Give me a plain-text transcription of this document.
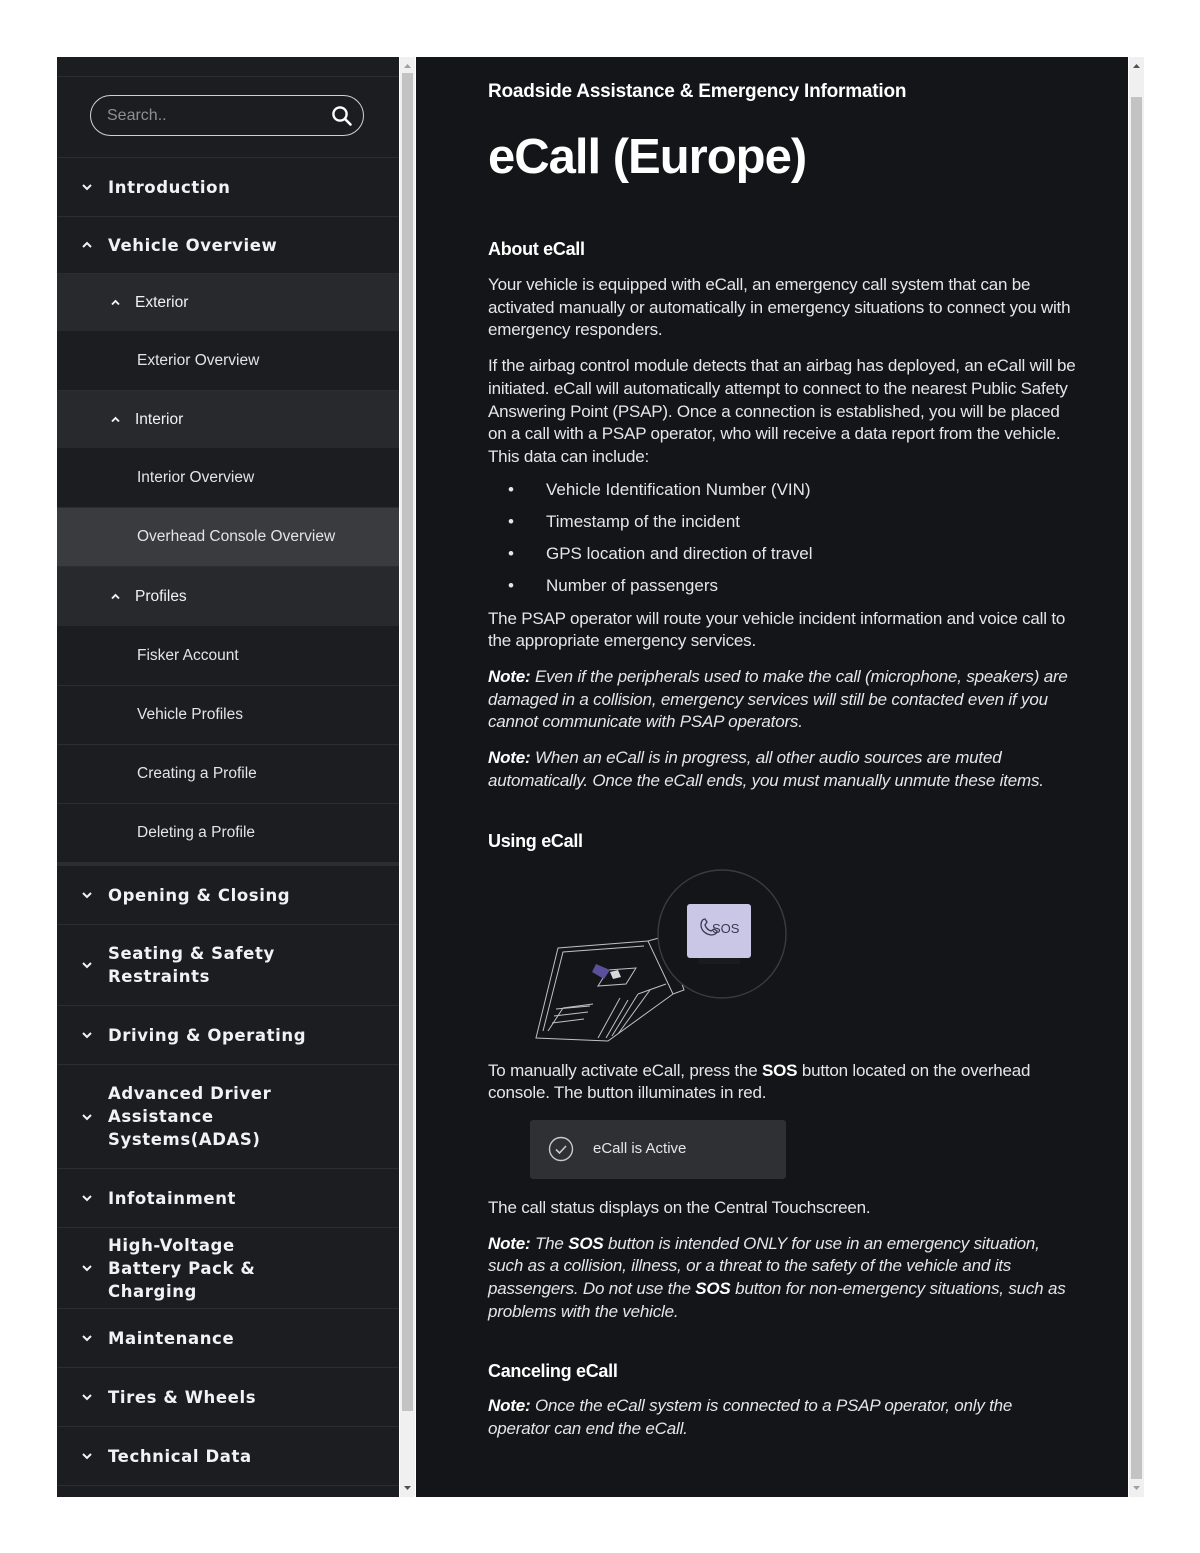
Search..
Introduction
Vehicle Overview
Exterior
Exterior Overview
Interior
Interior Overview
Overhead Console Overview
Profiles
Fisker Account
Vehicle Profiles
Creating a Profile
Deleting a Profile
Opening & Closing
Seating & Safety Restraints
Driving & Operating
Advanced Driver Assistance Systems(ADAS)
Infotainment
High-Voltage Battery Pack & Charging
Maintenance
Tires & Wheels
Technical Data

Roadside Assistance & Emergency Information

eCall (Europe)
About eCall

Your vehicle is equipped with eCall, an emergency call system that can be activated manually or automatically in emergency situations to connect you with emergency responders.

If the airbag control module detects that an airbag has deployed, an eCall will be initiated. eCall will automatically attempt to connect to the nearest Public Safety Answering Point (PSAP). Once a connection is established, you will be placed on a call with a PSAP operator, who will receive a data report from the vehicle. This data can include:

• Vehicle Identification Number (VIN)
• Timestamp of the incident
• GPS location and direction of travel
• Number of passengers

The PSAP operator will route your vehicle incident information and voice call to the appropriate emergency services.

Note: Even if the peripherals used to make the call (microphone, speakers) are damaged in a collision, emergency services will still be contacted even if you cannot communicate with PSAP operators.

Note: When an eCall is in progress, all other audio sources are muted automatically. Once the eCall ends, you must manually unmute these items.

Using eCall
SOS

To manually activate eCall, press the SOS button located on the overhead console. The button illuminates in red.

eCall is Active

The call status displays on the Central Touchscreen.

Note: The SOS button is intended ONLY for use in an emergency situation, such as a collision, illness, or a threat to the safety of the vehicle and its passengers. Do not use the SOS button for non-emergency situations, such as problems with the vehicle.

Canceling eCall

Note: Once the eCall system is connected to a PSAP operator, only the operator can end the eCall.
